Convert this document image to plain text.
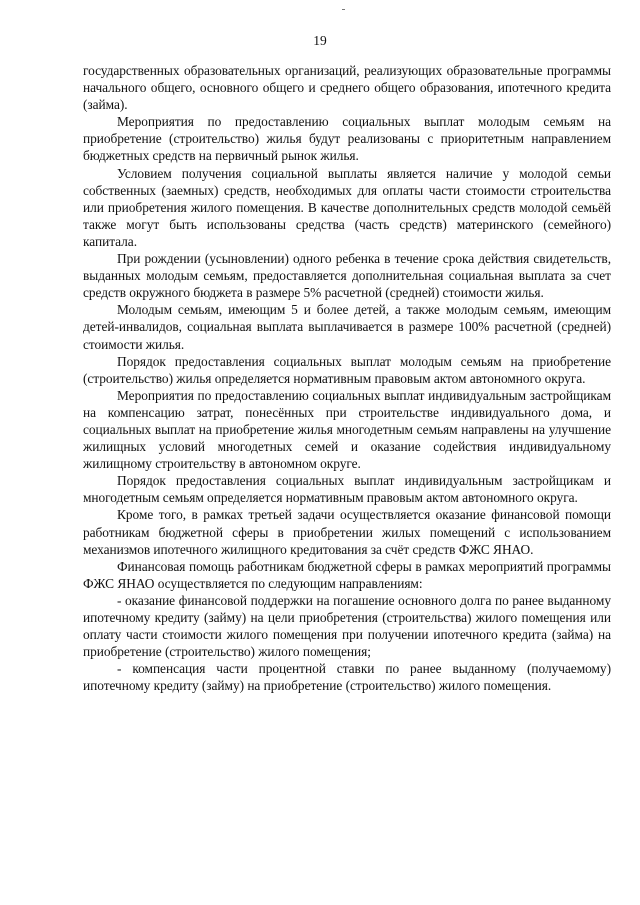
19

государственных образовательных организаций, реализующих образовательные программы начального общего, основного общего и среднего общего образования, ипотечного кредита (займа).

Мероприятия по предоставлению социальных выплат молодым семьям на приобретение (строительство) жилья будут реализованы с приоритетным направлением бюджетных средств на первичный рынок жилья.

Условием получения социальной выплаты является наличие у молодой семьи собственных (заемных) средств, необходимых для оплаты части стоимости строительства или приобретения жилого помещения. В качестве дополнительных средств молодой семьёй также могут быть использованы средства (часть средств) материнского (семейного) капитала.

При рождении (усыновлении) одного ребенка в течение срока действия свидетельств, выданных молодым семьям, предоставляется дополнительная социальная выплата за счет средств окружного бюджета в размере 5% расчетной (средней) стоимости жилья.

Молодым семьям, имеющим 5 и более детей, а также молодым семьям, имеющим детей-инвалидов, социальная выплата выплачивается в размере 100% расчетной (средней) стоимости жилья.

Порядок предоставления социальных выплат молодым семьям на приобретение (строительство) жилья определяется нормативным правовым актом автономного округа.

Мероприятия по предоставлению социальных выплат индивидуальным застройщикам на компенсацию затрат, понесённых при строительстве индивидуального дома, и социальных выплат на приобретение жилья многодетным семьям направлены на улучшение жилищных условий многодетных семей и оказание содействия индивидуальному жилищному строительству в автономном округе.

Порядок предоставления социальных выплат индивидуальным застройщикам и многодетным семьям определяется нормативным правовым актом автономного округа.

Кроме того, в рамках третьей задачи осуществляется оказание финансовой помощи работникам бюджетной сферы в приобретении жилых помещений с использованием механизмов ипотечного жилищного кредитования за счёт средств ФЖС ЯНАО.

Финансовая помощь работникам бюджетной сферы в рамках мероприятий программы ФЖС ЯНАО осуществляется по следующим направлениям:

- оказание финансовой поддержки на погашение основного долга по ранее выданному ипотечному кредиту (займу) на цели приобретения (строительства) жилого помещения или оплату части стоимости жилого помещения при получении ипотечного кредита (займа) на приобретение (строительство) жилого помещения;

- компенсация части процентной ставки по ранее выданному (получаемому) ипотечному кредиту (займу) на приобретение (строительство) жилого помещения.
